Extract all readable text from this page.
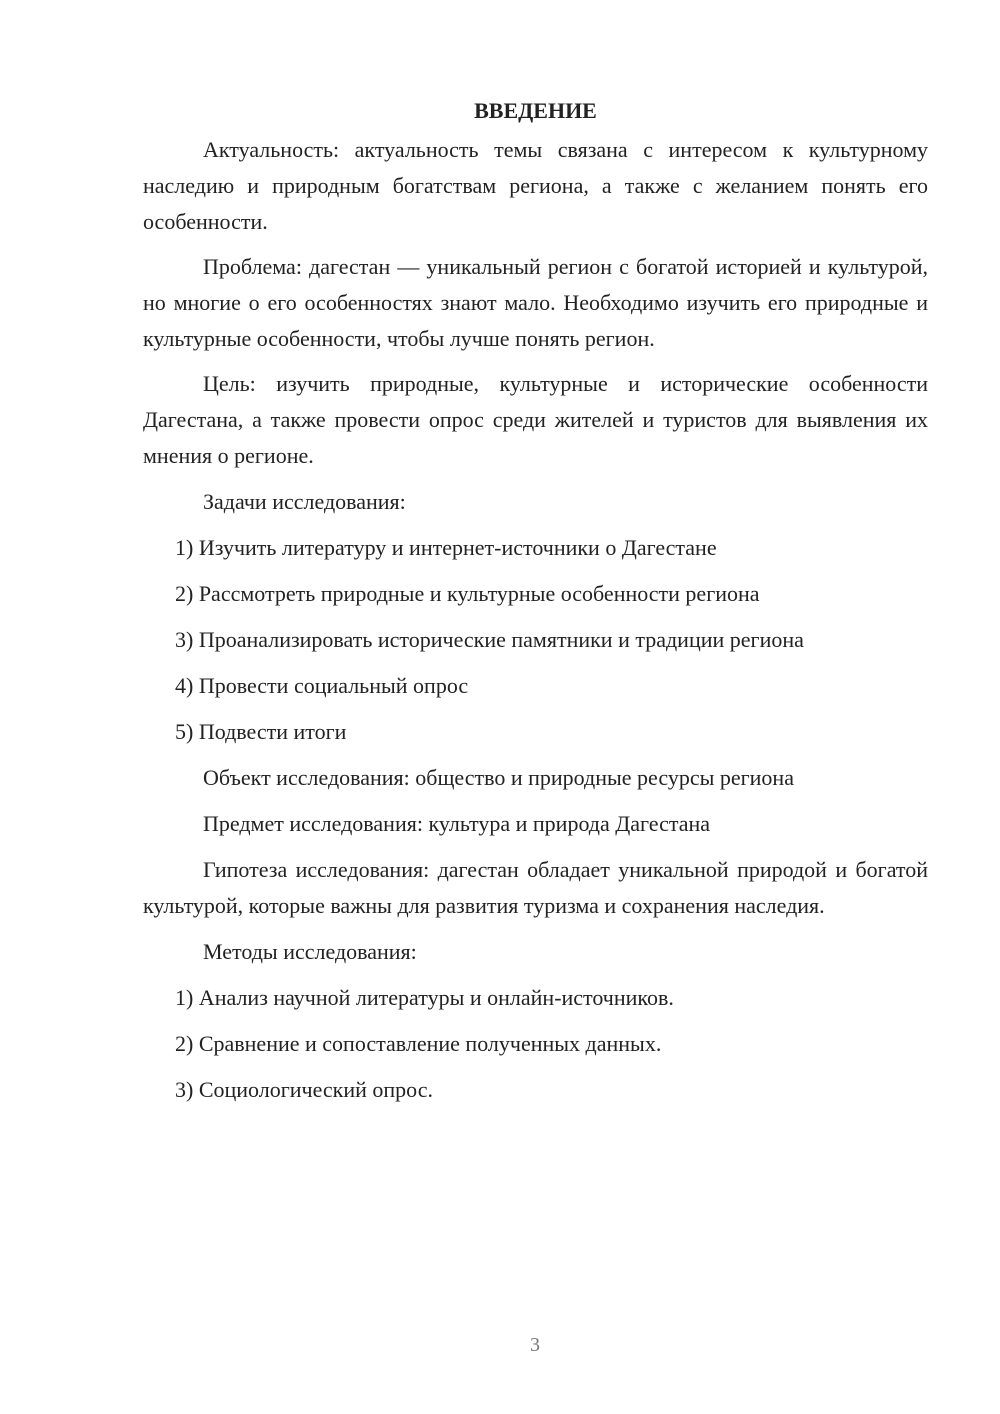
ВВЕДЕНИЕ

Актуальность: актуальность темы связана с интересом к культурному наследию и природным богатствам региона, а также с желанием понять его особенности.

Проблема: дагестан — уникальный регион с богатой историей и культурой, но многие о его особенностях знают мало. Необходимо изучить его природные и культурные особенности, чтобы лучше понять регион.

Цель: изучить природные, культурные и исторические особенности Дагестана, а также провести опрос среди жителей и туристов для выявления их мнения о регионе.

Задачи исследования:

1) Изучить литературу и интернет-источники о Дагестане

2) Рассмотреть природные и культурные особенности региона

3) Проанализировать исторические памятники и традиции региона

4) Провести социальный опрос

5) Подвести итоги

Объект исследования: общество и природные ресурсы региона

Предмет исследования: культура и природа Дагестана

Гипотеза исследования: дагестан обладает уникальной природой и богатой культурой, которые важны для развития туризма и сохранения наследия.

Методы исследования:

1) Анализ научной литературы и онлайн-источников.

2) Сравнение и сопоставление полученных данных.

3) Социологический опрос.

3
